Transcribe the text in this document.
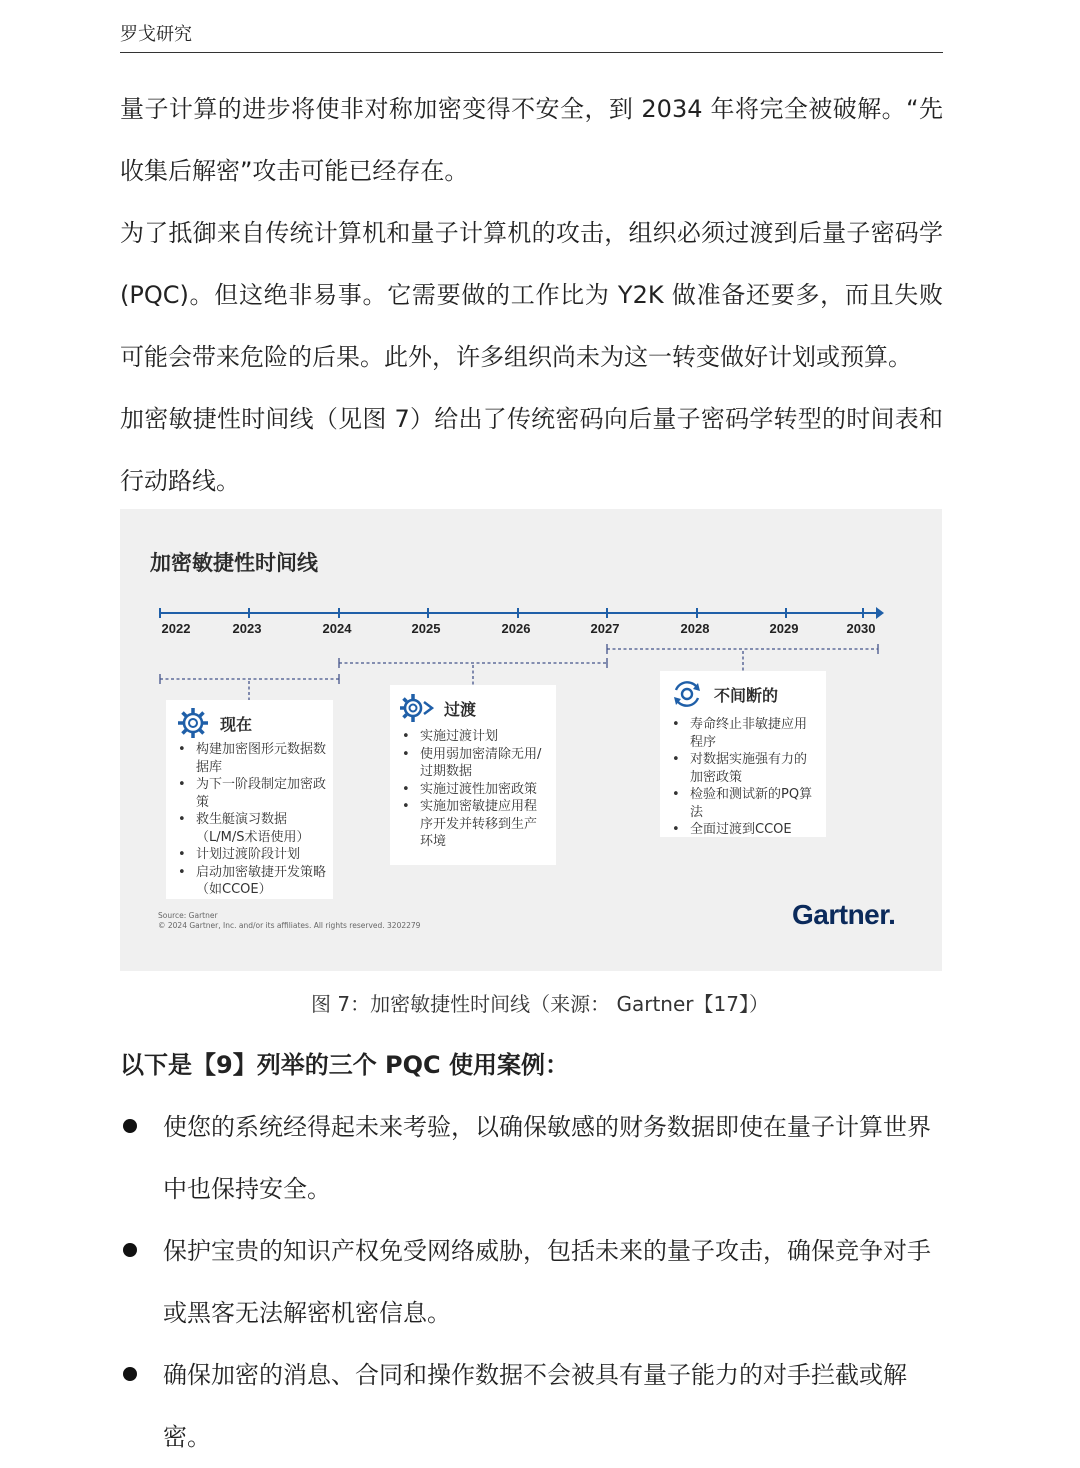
罗戈研究

量子计算的进步将使非对称加密变得不安全，到 2034 年将完全被破解。“先收集后解密”攻击可能已经存在。

为了抵御来自传统计算机和量子计算机的攻击，组织必须过渡到后量子密码学 (PQC)。但这绝非易事。它需要做的工作比为 Y2K 做准备还要多，而且失败可能会带来危险的后果。此外，许多组织尚未为这一转变做好计划或预算。

加密敏捷性时间线（见图 7）给出了传统密码向后量子密码学转型的时间表和行动路线。

加密敏捷性时间线
2022	2023	2024	2025	2026	2027	2028	2029	2030
现在
• 构建加密图形元数据数据库
• 为下一阶段制定加密政策
• 救生艇演习数据（L/M/S术语使用）
• 计划过渡阶段计划
• 启动加密敏捷开发策略（如CCOE）
过渡
• 实施过渡计划
• 使用弱加密清除无用/过期数据
• 实施过渡性加密政策
• 实施加密敏捷应用程序开发并转移到生产环境
不间断的
• 寿命终止非敏捷应用程序
• 对数据实施强有力的加密政策
• 检验和测试新的PQ算法
• 全面过渡到CCOE
Source: Gartner
© 2024 Gartner, Inc. and/or its affiliates. All rights reserved. 3202279	Gartner.
图 7：加密敏捷性时间线（来源： Gartner【17】）
以下是【9】列举的三个 PQC 使用案例：

使您的系统经得起未来考验，以确保敏感的财务数据即使在量子计算世界中也保持安全。

保护宝贵的知识产权免受网络威胁，包括未来的量子攻击，确保竞争对手或黑客无法解密机密信息。

确保加密的消息、合同和操作数据不会被具有量子能力的对手拦截或解密。
